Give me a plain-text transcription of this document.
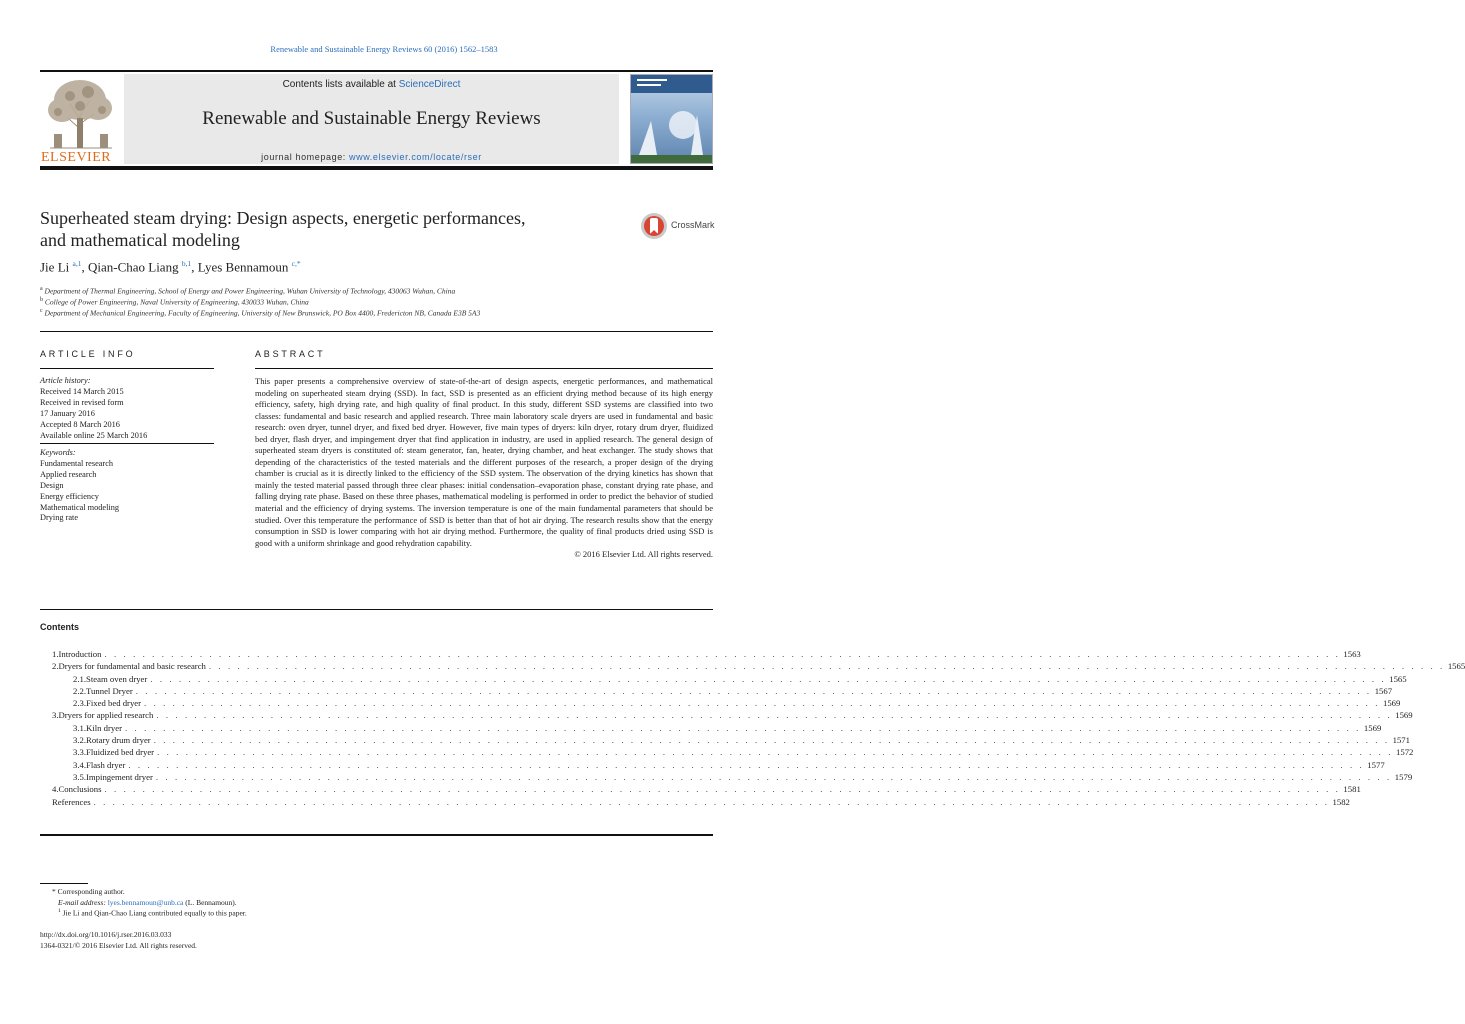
Renewable and Sustainable Energy Reviews 60 (2016) 1562–1583
ELSEVIER
Contents lists available at ScienceDirect
Renewable and Sustainable Energy Reviews
journal homepage: www.elsevier.com/locate/rser
CrossMark
Superheated steam drying: Design aspects, energetic performances,
and mathematical modeling
Jie Li $^{a,1}$, Qian-Chao Liang $^{b,1}$, Lyes Bennamoun $^{c,*}$
$^a$ Department of Thermal Engineering, School of Energy and Power Engineering, Wuhan University of Technology, 430063 Wuhan, China
$^b$ College of Power Engineering, Naval University of Engineering, 430033 Wuhan, China
$^c$ Department of Mechanical Engineering, Faculty of Engineering, University of New Brunswick, PO Box 4400, Fredericton NB, Canada E3B 5A3
ARTICLE INFO
Article history:
Received 14 March 2015
Received in revised form
17 January 2016
Accepted 8 March 2016
Available online 25 March 2016
Keywords:
Fundamental research
Applied research
Design
Energy efficiency
Mathematical modeling
Drying rate
ABSTRACT
This paper presents a comprehensive overview of state-of-the-art of design aspects, energetic performances, and mathematical modeling on superheated steam drying (SSD). In fact, SSD is presented as an efficient drying method because of its high energy efficiency, safety, high drying rate, and high quality of final product. In this study, different SSD systems are classified into two classes: fundamental and basic research and applied research. Three main laboratory scale dryers are used in fundamental and basic research: oven dryer, tunnel dryer, and fixed bed dryer. However, five main types of dryers: kiln dryer, rotary drum dryer, fluidized bed dryer, flash dryer, and impingement dryer that find application in industry, are used in applied research. The general design of superheated steam dryers is constituted of: steam generator, fan, heater, drying chamber, and heat exchanger. The study shows that depending of the characteristics of the tested materials and the different purposes of the research, a proper design of the drying chamber is crucial as it is directly linked to the efficiency of the SSD system. The observation of the drying kinetics has shown that mainly the tested material passed through three clear phases: initial condensation–evaporation phase, constant drying rate phase, and falling drying rate phase. Based on these three phases, mathematical modeling is performed in order to predict the behavior of studied material and the efficiency of drying systems. The inversion temperature is one of the main fundamental parameters that should be studied. Over this temperature the performance of SSD is better than that of hot air drying. The research results show that the energy consumption in SSD is lower comparing with hot air drying method. Furthermore, the quality of final products dried using SSD is good with a uniform shrinkage and good rehydration capability.
© 2016 Elsevier Ltd. All rights reserved.
Contents
1. Introduction . . . . . . . . . . . . . . . . . . . . . . . . . . . . . . . . . . . . . . . . . . . . . . . . . . . . . . . . . . . . . . . . . . . . . . . . . . . . . . . . . . . . . . . . . . . . . . . . . . . . . . . . . . . . . . . . . . . . . . . . . . . . . . . . . . 1563
2. Dryers for fundamental and basic research . . . . . . . . . . . . . . . . . . . . . . . . . . . . . . . . . . . . . . . . . . . . . . . . . . . . . . . . . . . . . . . . . . . . . . . . . . . . . . . . . . . . . . . . . . . . . . . . . . . . . . . . . . . . . . . . . . . . . . . . . . . . . . . . . . 1565
2.1. Steam oven dryer . . . . . . . . . . . . . . . . . . . . . . . . . . . . . . . . . . . . . . . . . . . . . . . . . . . . . . . . . . . . . . . . . . . . . . . . . . . . . . . . . . . . . . . . . . . . . . . . . . . . . . . . . . . . . . . . . . . . . . . . . . . . . . . . . . 1565
2.2. Tunnel Dryer . . . . . . . . . . . . . . . . . . . . . . . . . . . . . . . . . . . . . . . . . . . . . . . . . . . . . . . . . . . . . . . . . . . . . . . . . . . . . . . . . . . . . . . . . . . . . . . . . . . . . . . . . . . . . . . . . . . . . . . . . . . . . . . . . . 1567
2.3. Fixed bed dryer . . . . . . . . . . . . . . . . . . . . . . . . . . . . . . . . . . . . . . . . . . . . . . . . . . . . . . . . . . . . . . . . . . . . . . . . . . . . . . . . . . . . . . . . . . . . . . . . . . . . . . . . . . . . . . . . . . . . . . . . . . . . . . . . . . 1569
3. Dryers for applied research . . . . . . . . . . . . . . . . . . . . . . . . . . . . . . . . . . . . . . . . . . . . . . . . . . . . . . . . . . . . . . . . . . . . . . . . . . . . . . . . . . . . . . . . . . . . . . . . . . . . . . . . . . . . . . . . . . . . . . . . . . . . . . . . . . 1569
3.1. Kiln dryer . . . . . . . . . . . . . . . . . . . . . . . . . . . . . . . . . . . . . . . . . . . . . . . . . . . . . . . . . . . . . . . . . . . . . . . . . . . . . . . . . . . . . . . . . . . . . . . . . . . . . . . . . . . . . . . . . . . . . . . . . . . . . . . . . . 1569
3.2. Rotary drum dryer . . . . . . . . . . . . . . . . . . . . . . . . . . . . . . . . . . . . . . . . . . . . . . . . . . . . . . . . . . . . . . . . . . . . . . . . . . . . . . . . . . . . . . . . . . . . . . . . . . . . . . . . . . . . . . . . . . . . . . . . . . . . . . . . . . 1571
3.3. Fluidized bed dryer . . . . . . . . . . . . . . . . . . . . . . . . . . . . . . . . . . . . . . . . . . . . . . . . . . . . . . . . . . . . . . . . . . . . . . . . . . . . . . . . . . . . . . . . . . . . . . . . . . . . . . . . . . . . . . . . . . . . . . . . . . . . . . . . . . 1572
3.4. Flash dryer . . . . . . . . . . . . . . . . . . . . . . . . . . . . . . . . . . . . . . . . . . . . . . . . . . . . . . . . . . . . . . . . . . . . . . . . . . . . . . . . . . . . . . . . . . . . . . . . . . . . . . . . . . . . . . . . . . . . . . . . . . . . . . . . . . 1577
3.5. Impingement dryer . . . . . . . . . . . . . . . . . . . . . . . . . . . . . . . . . . . . . . . . . . . . . . . . . . . . . . . . . . . . . . . . . . . . . . . . . . . . . . . . . . . . . . . . . . . . . . . . . . . . . . . . . . . . . . . . . . . . . . . . . . . . . . . . . . 1579
4. Conclusions . . . . . . . . . . . . . . . . . . . . . . . . . . . . . . . . . . . . . . . . . . . . . . . . . . . . . . . . . . . . . . . . . . . . . . . . . . . . . . . . . . . . . . . . . . . . . . . . . . . . . . . . . . . . . . . . . . . . . . . . . . . . . . . . . . 1581
References . . . . . . . . . . . . . . . . . . . . . . . . . . . . . . . . . . . . . . . . . . . . . . . . . . . . . . . . . . . . . . . . . . . . . . . . . . . . . . . . . . . . . . . . . . . . . . . . . . . . . . . . . . . . . . . . . . . . . . . . . . . . . . . . . . 1582
* Corresponding author.
E-mail address: lyes.bennamoun@unb.ca (L. Bennamoun).
$^1$ Jie Li and Qian-Chao Liang contributed equally to this paper.
http://dx.doi.org/10.1016/j.rser.2016.03.033
1364-0321/© 2016 Elsevier Ltd. All rights reserved.
